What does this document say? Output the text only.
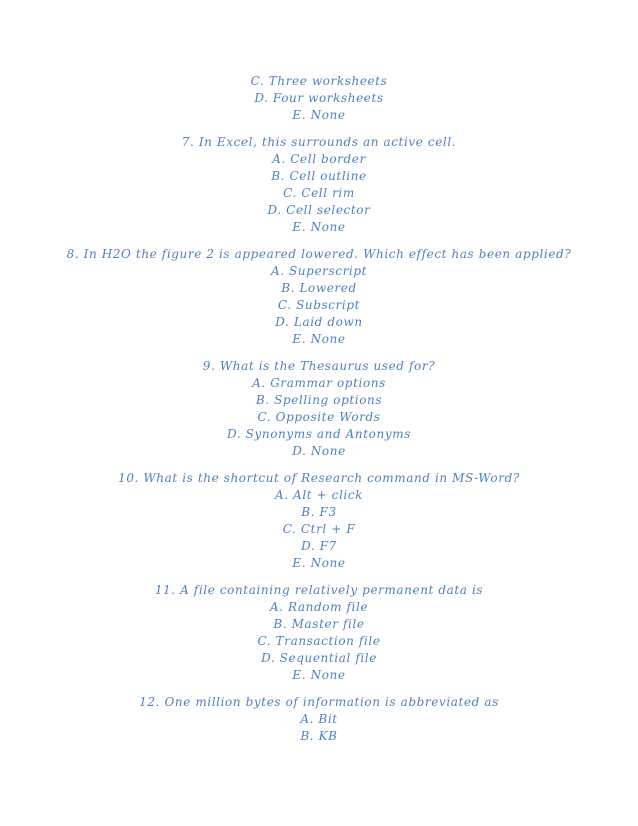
C. Three worksheets
D. Four worksheets
E. None
7. In Excel, this surrounds an active cell.
A. Cell border
B. Cell outline
C. Cell rim
D. Cell selector
E. None
8. In H2O the figure 2 is appeared lowered. Which effect has been applied?
A. Superscript
B. Lowered
C. Subscript
D. Laid down
E. None
9. What is the Thesaurus used for?
A. Grammar options
B. Spelling options
C. Opposite Words
D. Synonyms and Antonyms
D. None
10. What is the shortcut of Research command in MS-Word?
A. Alt + click
B. F3
C. Ctrl + F
D. F7
E. None
11. A file containing relatively permanent data is
A. Random file
B. Master file
C. Transaction file
D. Sequential file
E. None
12. One million bytes of information is abbreviated as
A. Bit
B. KB
